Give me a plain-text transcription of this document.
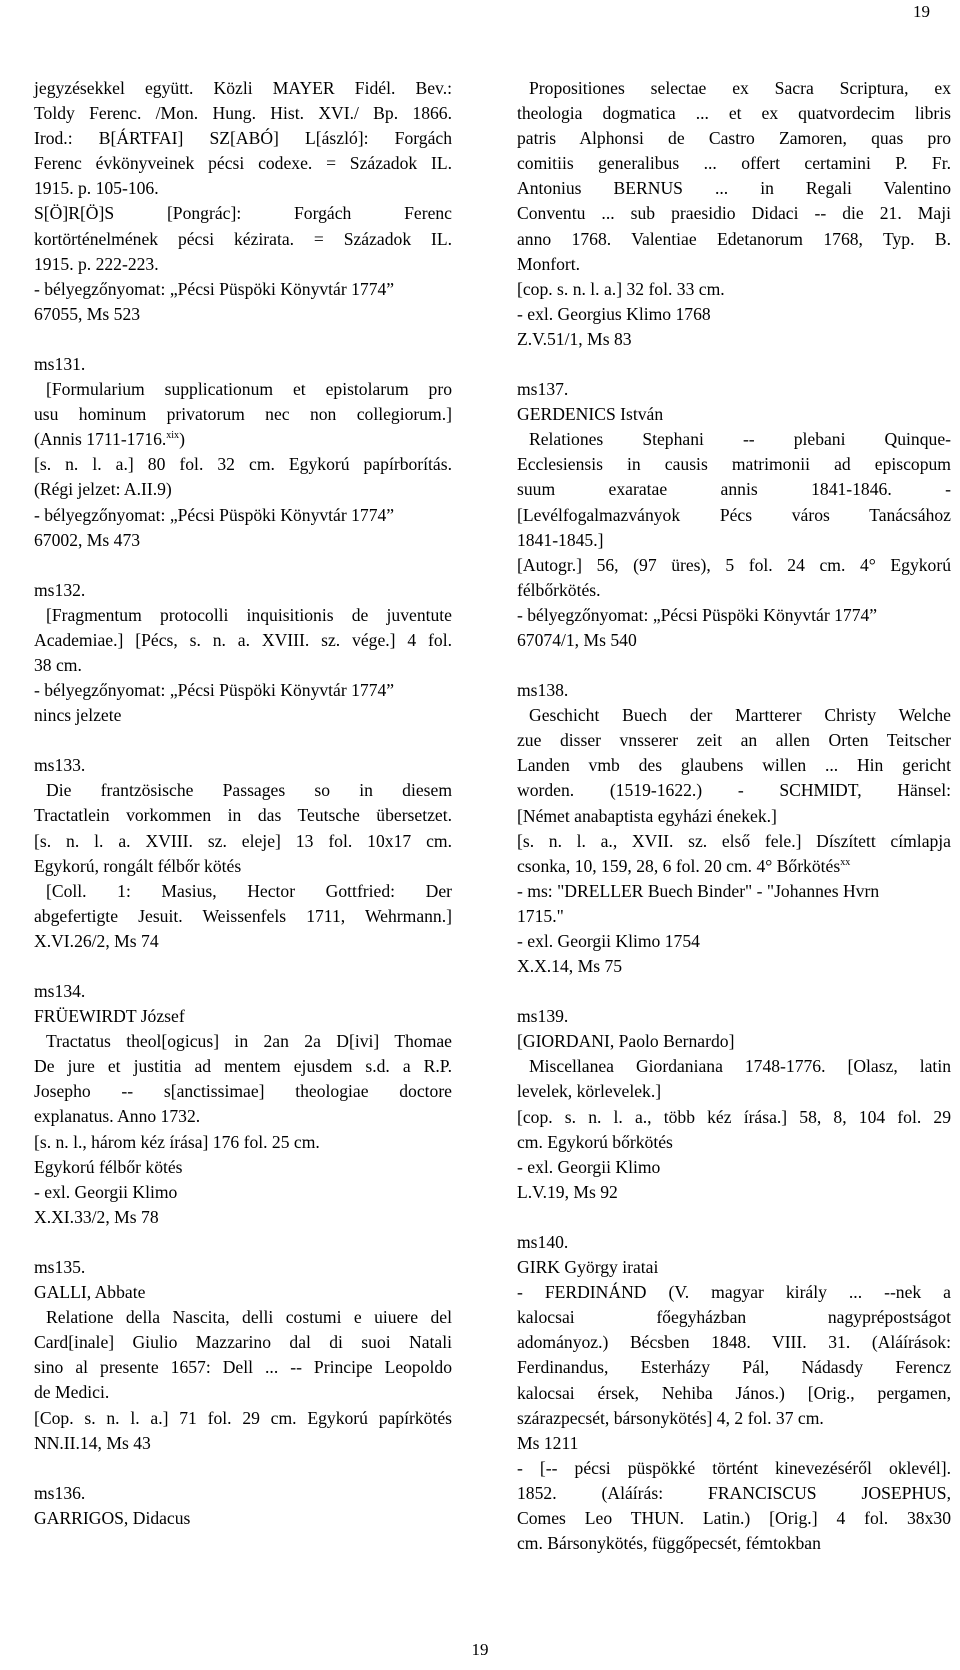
19
jegyzésekkel együtt. Közli MAYER Fidél. Bev.:
Toldy Ferenc. /Mon. Hung. Hist. XVI./ Bp. 1866.
Irod.: B[ÁRTFAI] SZ[ABÓ] L[ászló]: Forgách
Ferenc évkönyveinek pécsi codexe. = Századok IL.
1915. p. 105-106.
S[Ö]R[Ö]S [Pongrác]: Forgách Ferenc
kortörténelmének pécsi kézirata. = Századok IL.
1915. p. 222-223.
- bélyegzőnyomat: „Pécsi Püspöki Könyvtár 1774”
67055, Ms 523
ms131.
[Formularium supplicationum et epistolarum pro
usu hominum privatorum nec non collegiorum.]
(Annis 1711-1716.$^{xix}$)
[s. n. l. a.] 80 fol. 32 cm. Egykorú papírborítás.
(Régi jelzet: A.II.9)
- bélyegzőnyomat: „Pécsi Püspöki Könyvtár 1774”
67002, Ms 473
ms132.
[Fragmentum protocolli inquisitionis de juventute
Academiae.] [Pécs, s. n. a. XVIII. sz. vége.] 4 fol.
38 cm.
- bélyegzőnyomat: „Pécsi Püspöki Könyvtár 1774”
nincs jelzete
ms133.
Die frantzösische Passages so in diesem
Tractatlein vorkommen in das Teutsche übersetzet.
[s. n. l. a. XVIII. sz. eleje] 13 fol. 10x17 cm.
Egykorú, rongált félbőr kötés
[Coll. 1: Masius, Hector Gottfried: Der
abgefertigte Jesuit. Weissenfels 1711, Wehrmann.]
X.VI.26/2, Ms 74
ms134.
FRÜEWIRDT József
Tractatus theol[ogicus] in 2an 2a D[ivi] Thomae
De jure et justitia ad mentem ejusdem s.d. a R.P.
Josepho -- s[anctissimae] theologiae doctore
explanatus. Anno 1732.
[s. n. l., három kéz írása] 176 fol. 25 cm.
Egykorú félbőr kötés
- exl. Georgii Klimo
X.XI.33/2, Ms 78
ms135.
GALLI, Abbate
Relatione della Nascita, delli costumi e uiuere del
Card[inale] Giulio Mazzarino dal di suoi Natali
sino al presente 1657: Dell ... -- Principe Leopoldo
de Medici.
[Cop. s. n. l. a.] 71 fol. 29 cm. Egykorú papírkötés
NN.II.14, Ms 43
ms136.
GARRIGOS, Didacus
Propositiones selectae ex Sacra Scriptura, ex
theologia dogmatica ... et ex quatvordecim libris
patris Alphonsi de Castro Zamoren, quas pro
comitiis generalibus ... offert certamini P. Fr.
Antonius BERNUS ... in Regali Valentino
Conventu ... sub praesidio Didaci -- die 21. Maji
anno 1768. Valentiae Edetanorum 1768, Typ. B.
Monfort.
[cop. s. n. l. a.] 32 fol. 33 cm.
- exl. Georgius Klimo 1768
Z.V.51/1, Ms 83
ms137.
GERDENICS István
Relationes Stephani -- plebani Quinque-
Ecclesiensis in causis matrimonii ad episcopum
suum exaratae annis 1841-1846. -
[Levélfogalmazványok Pécs város Tanácsához
1841-1845.]
[Autogr.] 56, (97 üres), 5 fol. 24 cm. 4° Egykorú
félbőrkötés.
- bélyegzőnyomat: „Pécsi Püspöki Könyvtár 1774”
67074/1, Ms 540
ms138.
Geschicht Buech der Martterer Christy Welche
zue disser vnsserer zeit an allen Orten Teitscher
Landen vmb des glaubens willen ... Hin gericht
worden. (1519-1622.) - SCHMIDT, Hänsel:
[Német anabaptista egyházi énekek.]
[s. n. l. a., XVII. sz. első fele.] Díszített címlapja
csonka, 10, 159, 28, 6 fol. 20 cm. 4° Bőrkötés$^{xx}$
- ms: "DRELLER Buech Binder" - "Johannes Hvrn
1715."
- exl. Georgii Klimo 1754
X.X.14, Ms 75
ms139.
[GIORDANI, Paolo Bernardo]
Miscellanea Giordaniana 1748-1776. [Olasz, latin
levelek, körlevelek.]
[cop. s. n. l. a., több kéz írása.] 58, 8, 104 fol. 29
cm. Egykorú bőrkötés
- exl. Georgii Klimo
L.V.19, Ms 92
ms140.
GIRK György iratai
- FERDINÁND (V. magyar király ... --nek a
kalocsai főegyházban nagyprépostságot
adományoz.) Bécsben 1848. VIII. 31. (Aláírások:
Ferdinandus, Esterházy Pál, Nádasdy Ferencz
kalocsai érsek, Nehiba János.) [Orig., pergamen,
szárazpecsét, bársonykötés] 4, 2 fol. 37 cm.
Ms 1211
- [-- pécsi püspökké történt kinevezéséről oklevél].
1852. (Aláírás: FRANCISCUS JOSEPHUS,
Comes Leo THUN. Latin.) [Orig.] 4 fol. 38x30
cm. Bársonykötés, függőpecsét, fémtokban
19
